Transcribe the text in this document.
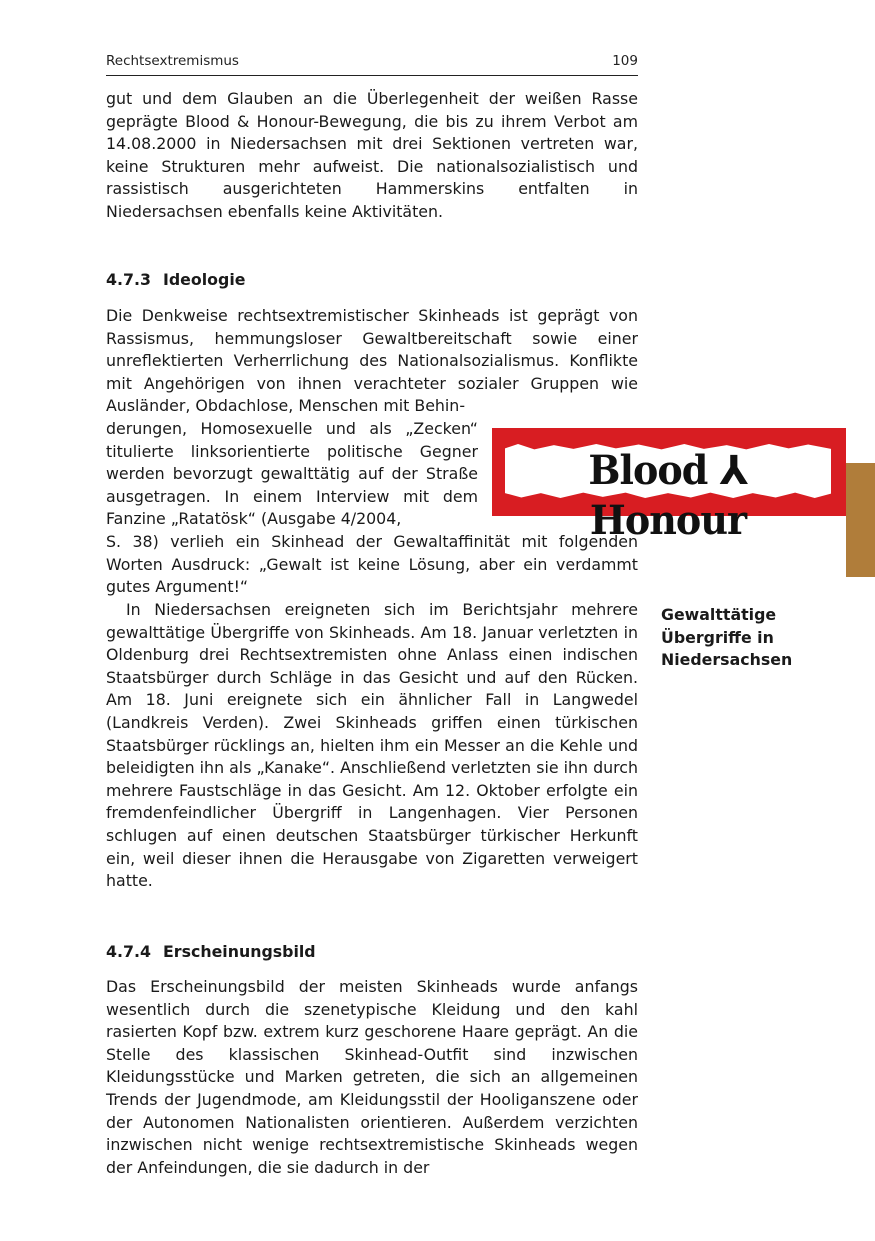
Rechtsextremismus	109

gut und dem Glauben an die Überlegenheit der weißen Rasse geprägte Blood & Honour-Bewegung, die bis zu ihrem Verbot am 14.08.2000 in Niedersachsen mit drei Sektionen vertreten war, keine Strukturen mehr aufweist. Die nationalsozialistisch und rassistisch ausgerichteten Hammerskins entfalten in Niedersachsen ebenfalls keine Aktivitäten.

4.7.3 Ideologie

Die Denkweise rechtsextremistischer Skinheads ist geprägt von Rassismus, hemmungsloser Gewaltbereitschaft sowie einer unreflektierten Verherrlichung des Nationalsozialismus. Konflikte mit Angehörigen von ihnen verachteter sozialer Gruppen wie Ausländer, Obdachlose, Menschen mit Behin-

derungen, Homosexuelle und als „Zecken“ titulierte linksorientierte politische Gegner werden bevorzugt gewalttätig auf der Straße ausgetragen. In einem Interview mit dem Fanzine „Ratatösk“ (Ausgabe 4/2004,

S. 38) verlieh ein Skinhead der Gewaltaffinität mit folgenden Worten Ausdruck: „Gewalt ist keine Lösung, aber ein verdammt gutes Argument!“

In Niedersachsen ereigneten sich im Berichtsjahr mehrere gewalttätige Übergriffe von Skinheads. Am 18. Januar verletzten in Oldenburg drei Rechtsextremisten ohne Anlass einen indischen Staatsbürger durch Schläge in das Gesicht und auf den Rücken. Am 18. Juni ereignete sich ein ähnlicher Fall in Langwedel (Landkreis Verden). Zwei Skinheads griffen einen türkischen Staatsbürger rücklings an, hielten ihm ein Messer an die Kehle und beleidigten ihn als „Kanake“. Anschließend verletzten sie ihn durch mehrere Faustschläge in das Gesicht. Am 12. Oktober erfolgte ein fremdenfeindlicher Übergriff in Langenhagen. Vier Personen schlugen auf einen deutschen Staatsbürger türkischer Herkunft ein, weil dieser ihnen die Herausgabe von Zigaretten verweigert hatte.

Blood ⅄ Honour
Gewalttätige
Übergriffe in
Niedersachsen
4.7.4 Erscheinungsbild

Das Erscheinungsbild der meisten Skinheads wurde anfangs wesentlich durch die szenetypische Kleidung und den kahl rasierten Kopf bzw. extrem kurz geschorene Haare geprägt. An die Stelle des klassischen Skinhead-Outfit sind inzwischen Kleidungsstücke und Marken getreten, die sich an allgemeinen Trends der Jugendmode, am Kleidungsstil der Hooliganszene oder der Autonomen Nationalisten orientieren. Außerdem verzichten inzwischen nicht wenige rechtsextremistische Skinheads wegen der Anfeindungen, die sie dadurch in der
